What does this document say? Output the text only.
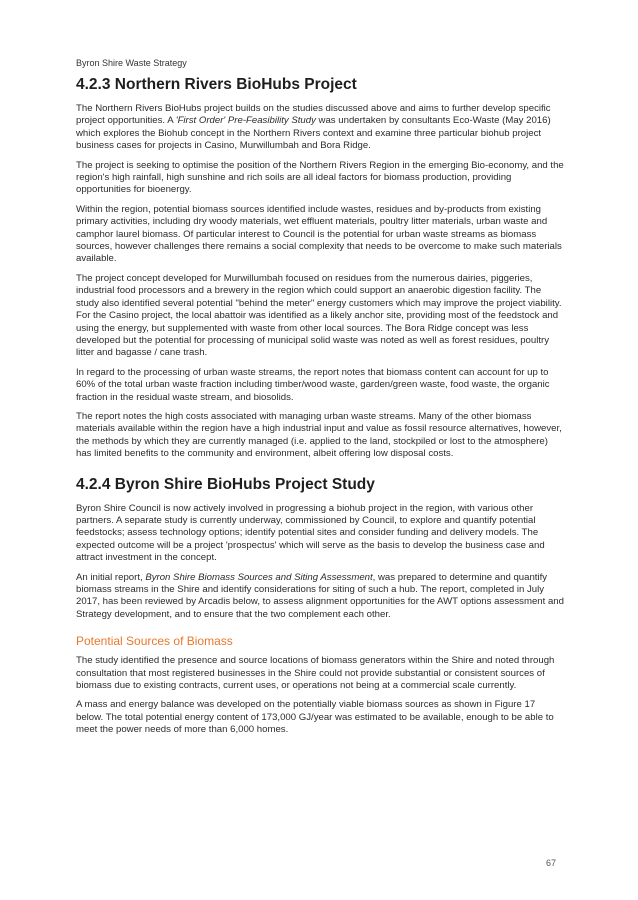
Byron Shire Waste Strategy
4.2.3 Northern Rivers BioHubs Project

The Northern Rivers BioHubs project builds on the studies discussed above and aims to further develop specific project opportunities. A 'First Order' Pre-Feasibility Study was undertaken by consultants Eco-Waste (May 2016) which explores the Biohub concept in the Northern Rivers context and examine three particular biohub project business cases for projects in Casino, Murwillumbah and Bora Ridge.

The project is seeking to optimise the position of the Northern Rivers Region in the emerging Bio-economy, and the region's high rainfall, high sunshine and rich soils are all ideal factors for biomass production, providing opportunities for bioenergy.

Within the region, potential biomass sources identified include wastes, residues and by-products from existing primary activities, including dry woody materials, wet effluent materials, poultry litter materials, urban waste and camphor laurel biomass. Of particular interest to Council is the potential for urban waste streams as biomass sources, however challenges there remains a social complexity that needs to be overcome to make such materials available.

The project concept developed for Murwillumbah focused on residues from the numerous dairies, piggeries, industrial food processors and a brewery in the region which could support an anaerobic digestion facility. The study also identified several potential "behind the meter" energy customers which may improve the project viability. For the Casino project, the local abattoir was identified as a likely anchor site, providing most of the feedstock and using the energy, but supplemented with waste from other local sources. The Bora Ridge concept was less developed but the potential for processing of municipal solid waste was noted as well as forest residues, poultry litter and bagasse / cane trash.

In regard to the processing of urban waste streams, the report notes that biomass content can account for up to 60% of the total urban waste fraction including timber/wood waste, garden/green waste, food waste, the organic fraction in the residual waste stream, and biosolids.

The report notes the high costs associated with managing urban waste streams. Many of the other biomass materials available within the region have a high industrial input and value as fossil resource alternatives, however, the methods by which they are currently managed (i.e. applied to the land, stockpiled or lost to the atmosphere) has limited benefits to the community and environment, albeit offering low disposal costs.

4.2.4 Byron Shire BioHubs Project Study

Byron Shire Council is now actively involved in progressing a biohub project in the region, with various other partners. A separate study is currently underway, commissioned by Council, to explore and quantify potential feedstocks; assess technology options; identify potential sites and consider funding and delivery models. The expected outcome will be a project 'prospectus' which will serve as the basis to develop the business case and attract investment in the concept.

An initial report, Byron Shire Biomass Sources and Siting Assessment, was prepared to determine and quantify biomass streams in the Shire and identify considerations for siting of such a hub. The report, completed in July 2017, has been reviewed by Arcadis below, to assess alignment opportunities for the AWT options assessment and Strategy development, and to ensure that the two complement each other.

Potential Sources of Biomass

The study identified the presence and source locations of biomass generators within the Shire and noted through consultation that most registered businesses in the Shire could not provide substantial or consistent sources of biomass due to existing contracts, current uses, or operations not being at a commercial scale currently.

A mass and energy balance was developed on the potentially viable biomass sources as shown in Figure 17 below. The total potential energy content of 173,000 GJ/year was estimated to be available, enough to be able to meet the power needs of more than 6,000 homes.

67
